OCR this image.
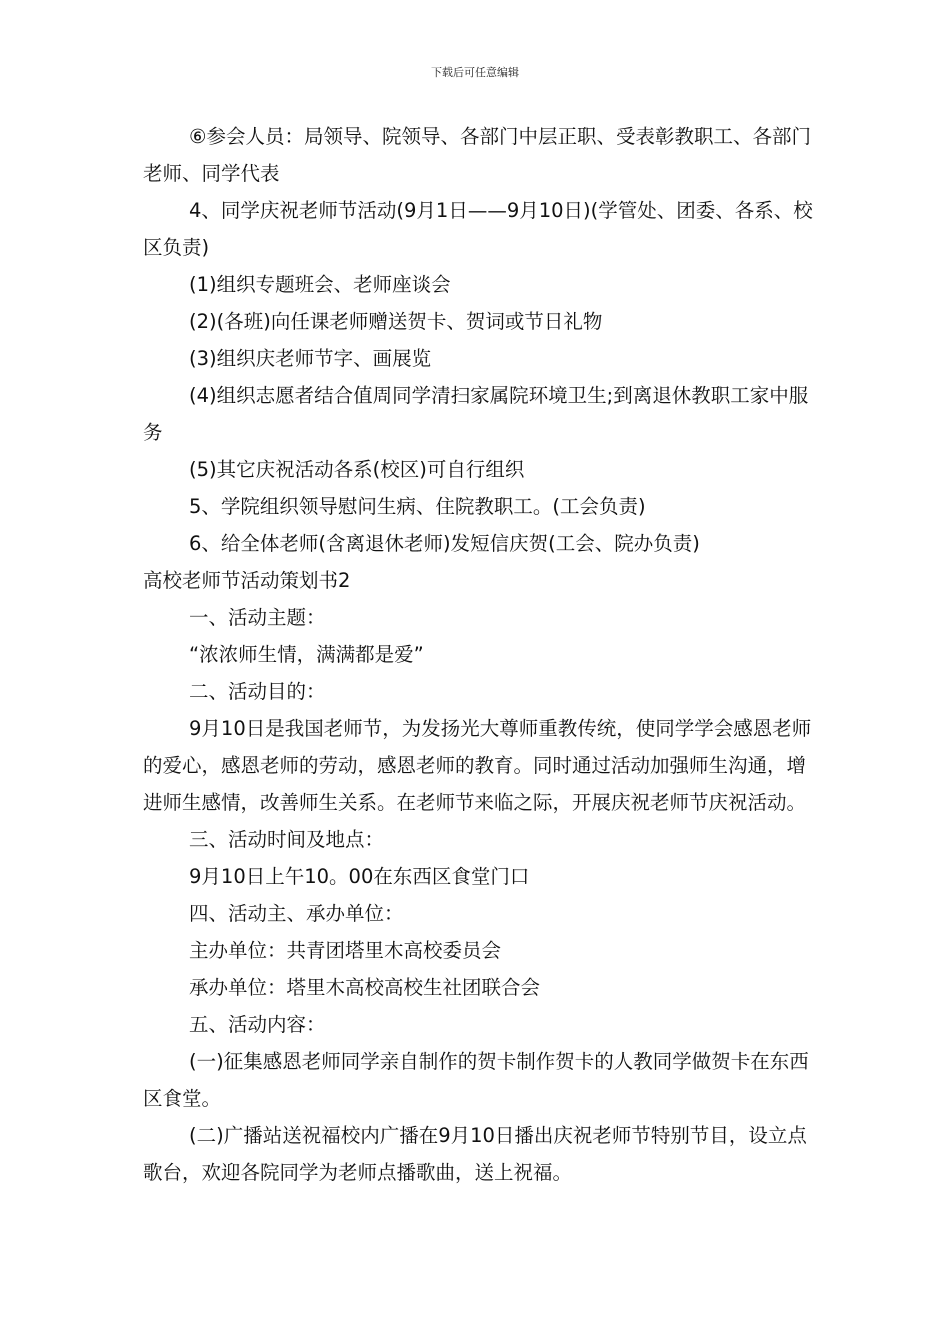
下载后可任意编辑

⑥参会人员：局领导、院领导、各部门中层正职、受表彰教职工、各部门老师、同学代表

4、同学庆祝老师节活动(9月1日——9月10日)(学管处、团委、各系、校区负责)

(1)组织专题班会、老师座谈会

(2)(各班)向任课老师赠送贺卡、贺词或节日礼物

(3)组织庆老师节字、画展览

(4)组织志愿者结合值周同学清扫家属院环境卫生;到离退休教职工家中服务

(5)其它庆祝活动各系(校区)可自行组织

5、学院组织领导慰问生病、住院教职工。(工会负责)

6、给全体老师(含离退休老师)发短信庆贺(工会、院办负责)

高校老师节活动策划书2

一、活动主题：

“浓浓师生情，满满都是爱”

二、活动目的：

9月10日是我国老师节，为发扬光大尊师重教传统，使同学学会感恩老师的爱心，感恩老师的劳动，感恩老师的教育。同时通过活动加强师生沟通，增进师生感情，改善师生关系。在老师节来临之际，开展庆祝老师节庆祝活动。

三、活动时间及地点：

9月10日上午10。00在东西区食堂门口

四、活动主、承办单位：

主办单位：共青团塔里木高校委员会

承办单位：塔里木高校高校生社团联合会

五、活动内容：

(一)征集感恩老师同学亲自制作的贺卡制作贺卡的人教同学做贺卡在东西区食堂。

(二)广播站送祝福校内广播在9月10日播出庆祝老师节特别节目，设立点歌台，欢迎各院同学为老师点播歌曲，送上祝福。
